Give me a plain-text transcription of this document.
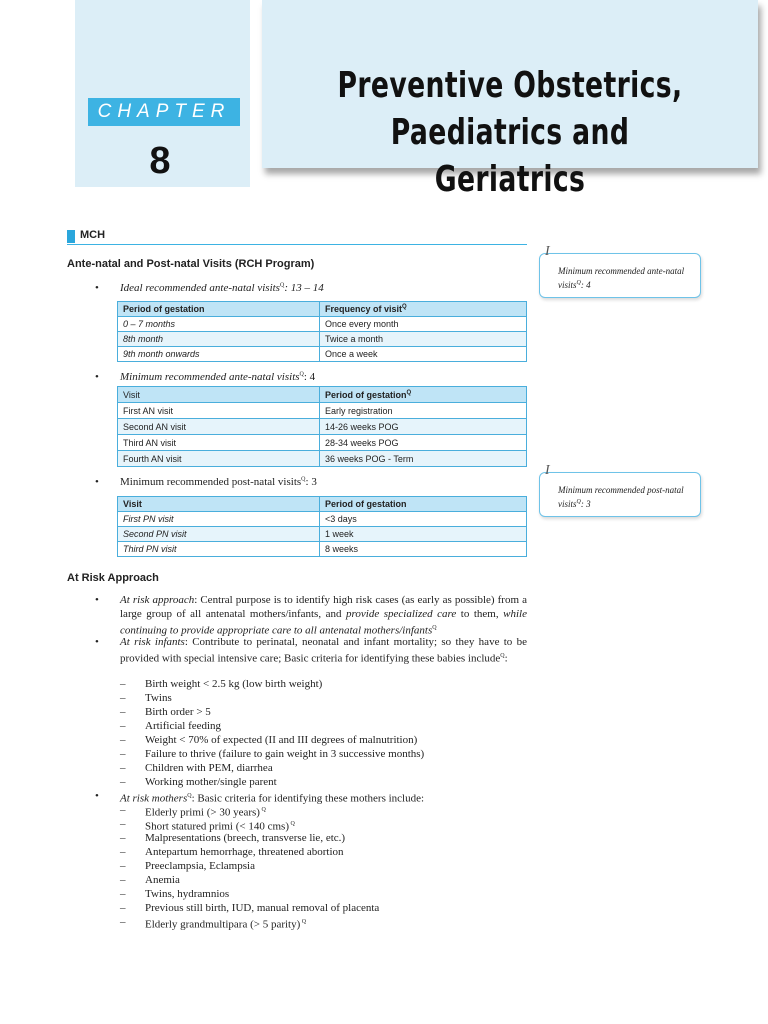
CHAPTER
8
Preventive Obstetrics,
Paediatrics and Geriatrics
MCH
Ante-natal and Post-natal Visits (RCH Program)
• Ideal recommended ante-natal visits$^Q$: 13 – 14
Period of gestation	Frequency of visit$^Q$
0 – 7 months	Once every month
8th month	Twice a month
9th month onwards	Once a week
• Minimum recommended ante-natal visits$^Q$: 4
Visit	Period of gestation$^Q$
First AN visit	Early registration
Second AN visit	14-26 weeks POG
Third AN visit	28-34 weeks POG
Fourth AN visit	36 weeks POG - Term
• Minimum recommended post-natal visits$^Q$: 3
Visit	Period of gestation
First PN visit	<3 days
Second PN visit	1 week
Third PN visit	8 weeks
At Risk Approach
• At risk approach: Central purpose is to identify high risk cases (as early as possible) from a large group of all antenatal mothers/infants, and provide specialized care to them, while continuing to provide appropriate care to all antenatal mothers/infants$^Q$
• At risk infants: Contribute to perinatal, neonatal and infant mortality; so they have to be provided with special intensive care; Basic criteria for identifying these babies include$^Q$:
– Birth weight < 2.5 kg (low birth weight)
– Twins
– Birth order > 5
– Artificial feeding
– Weight < 70% of expected (II and III degrees of malnutrition)
– Failure to thrive (failure to gain weight in 3 successive months)
– Children with PEM, diarrhea
– Working mother/single parent
• At risk mothers$^Q$: Basic criteria for identifying these mothers include:
– Elderly primi (> 30 years) $^Q$
– Short statured primi (< 140 cms) $^Q$
– Malpresentations (breech, transverse lie, etc.)
– Antepartum hemorrhage, threatened abortion
– Preeclampsia, Eclampsia
– Anemia
– Twins, hydramnios
– Previous still birth, IUD, manual removal of placenta
– Elderly grandmultipara (> 5 parity) $^Q$
I
Minimum recommended ante-natal visits$^Q$: 4
I
Minimum recommended post-natal visits$^Q$: 3
